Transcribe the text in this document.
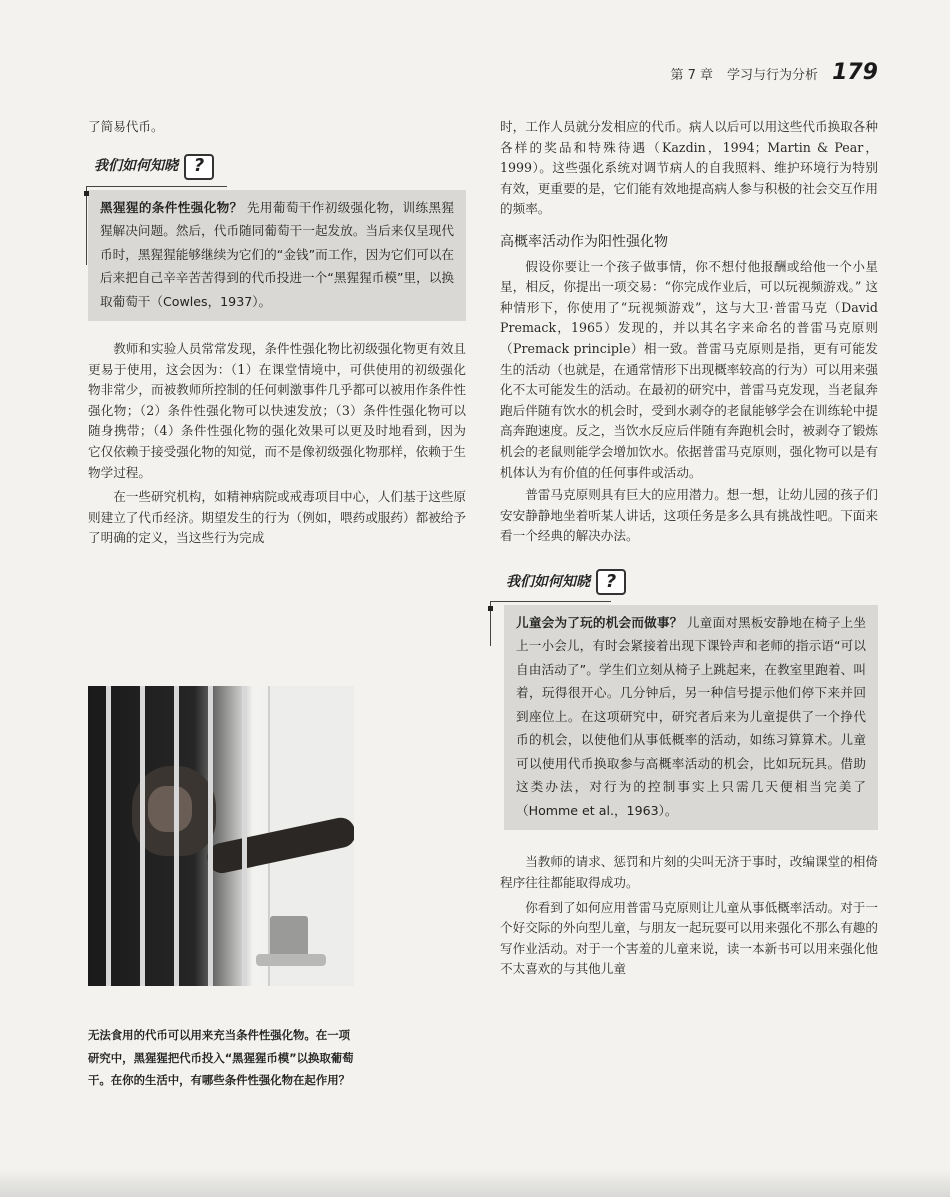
第 7 章 学习与行为分析 179

了简易代币。

我们如何知晓 ?
黑猩猩的条件性强化物？ 先用葡萄干作初级强化物，训练黑猩猩解决问题。然后，代币随同葡萄干一起发放。当后来仅呈现代币时，黑猩猩能够继续为它们的“金钱”而工作，因为它们可以在后来把自己辛辛苦苦得到的代币投进一个“黑猩猩币模”里，以换取葡萄干（Cowles，1937）。

教师和实验人员常常发现，条件性强化物比初级强化物更有效且更易于使用，这会因为：（1）在课堂情境中，可供使用的初级强化物非常少，而被教师所控制的任何刺激事件几乎都可以被用作条件性强化物；（2）条件性强化物可以快速发放；（3）条件性强化物可以随身携带；（4）条件性强化物的强化效果可以更及时地看到，因为它仅依赖于接受强化物的知觉，而不是像初级强化物那样，依赖于生物学过程。

在一些研究机构，如精神病院或戒毒项目中心，人们基于这些原则建立了代币经济。期望发生的行为（例如，喂药或服药）都被给予了明确的定义，当这些行为完成

无法食用的代币可以用来充当条件性强化物。在一项研究中，黑猩猩把代币投入“黑猩猩币模”以换取葡萄干。在你的生活中，有哪些条件性强化物在起作用？

时，工作人员就分发相应的代币。病人以后可以用这些代币换取各种各样的奖品和特殊待遇（Kazdin，1994；Martin & Pear，1999）。这些强化系统对调节病人的自我照料、维护环境行为特别有效，更重要的是，它们能有效地提高病人参与积极的社会交互作用的频率。

高概率活动作为阳性强化物

假设你要让一个孩子做事情，你不想付他报酬或给他一个小星星，相反，你提出一项交易：“你完成作业后，可以玩视频游戏。” 这种情形下，你使用了“玩视频游戏”，这与大卫·普雷马克（David Premack，1965）发现的，并以其名字来命名的普雷马克原则（Premack principle）相一致。普雷马克原则是指，更有可能发生的活动（也就是，在通常情形下出现概率较高的行为）可以用来强化不太可能发生的活动。在最初的研究中，普雷马克发现，当老鼠奔跑后伴随有饮水的机会时，受到水剥夺的老鼠能够学会在训练轮中提高奔跑速度。反之，当饮水反应后伴随有奔跑机会时，被剥夺了锻炼机会的老鼠则能学会增加饮水。依据普雷马克原则，强化物可以是有机体认为有价值的任何事件或活动。

普雷马克原则具有巨大的应用潜力。想一想，让幼儿园的孩子们安安静静地坐着听某人讲话，这项任务是多么具有挑战性吧。下面来看一个经典的解决办法。

我们如何知晓 ?
儿童会为了玩的机会而做事？ 儿童面对黑板安静地在椅子上坐上一小会儿，有时会紧接着出现下课铃声和老师的指示语“可以自由活动了”。学生们立刻从椅子上跳起来，在教室里跑着、叫着，玩得很开心。几分钟后，另一种信号提示他们停下来并回到座位上。在这项研究中，研究者后来为儿童提供了一个挣代币的机会，以使他们从事低概率的活动，如练习算算术。儿童可以使用代币换取参与高概率活动的机会，比如玩玩具。借助这类办法，对行为的控制事实上只需几天便相当完美了（Homme et al.，1963）。

当教师的请求、惩罚和片刻的尖叫无济于事时，改编课堂的相倚程序往往都能取得成功。

你看到了如何应用普雷马克原则让儿童从事低概率活动。对于一个好交际的外向型儿童，与朋友一起玩耍可以用来强化不那么有趣的写作业活动。对于一个害羞的儿童来说，读一本新书可以用来强化他不太喜欢的与其他儿童
